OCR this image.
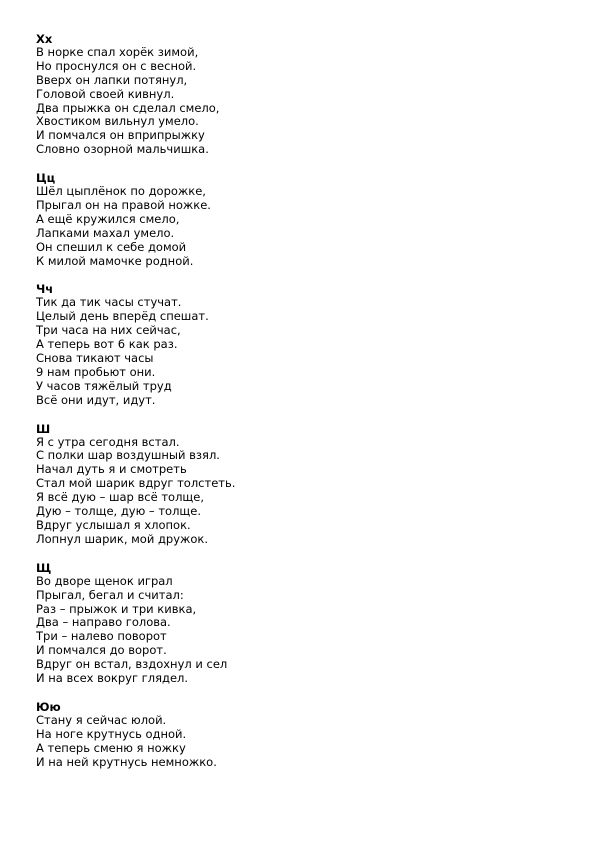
Хх
В норке спал хорёк зимой,
Но проснулся он с весной.
Вверх он лапки потянул,
Головой своей кивнул.
Два прыжка он сделал смело,
Хвостиком вильнул умело.
И помчался он вприпрыжку
Словно озорной мальчишка.
Цц
Шёл цыплёнок по дорожке,
Прыгал он на правой ножке.
А ещё кружился смело,
Лапками махал умело.
Он спешил к себе домой
К милой мамочке родной.
Чч
Тик да тик часы стучат.
Целый день вперёд спешат.
Три часа на них сейчас,
А теперь вот 6 как раз.
Снова тикают часы
9 нам пробьют они.
У часов тяжёлый труд
Всё они идут, идут.
Ш
Я с утра сегодня встал.
С полки шар воздушный взял.
Начал дуть я и смотреть
Стал мой шарик вдруг толстеть.
Я всё дую – шар всё толще,
Дую – толще, дую – толще.
Вдруг услышал я хлопок.
Лопнул шарик, мой дружок.
Щ
Во дворе щенок играл
Прыгал, бегал и считал:
Раз – прыжок и три кивка,
Два – направо голова.
Три – налево поворот
И помчался до ворот.
Вдруг он встал, вздохнул и сел
И на всех вокруг глядел.
Юю
Стану я сейчас юлой.
На ноге крутнусь одной.
А теперь сменю я ножку
И на ней крутнусь немножко.
